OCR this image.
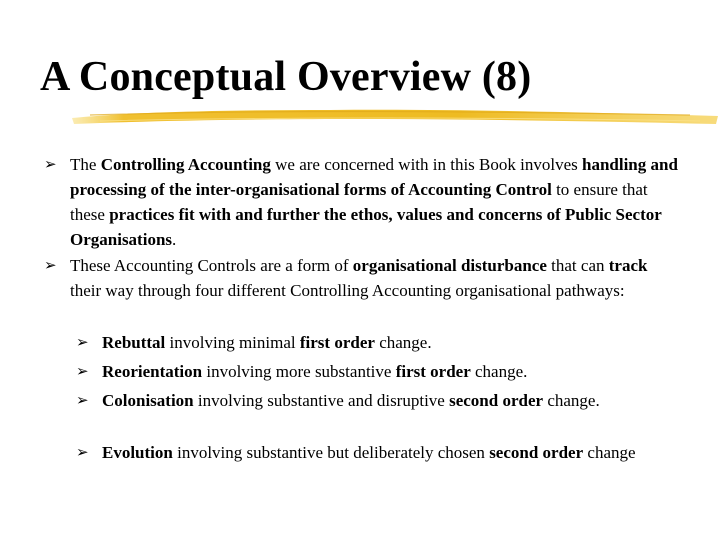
A Conceptual Overview (8)
➢ The Controlling Accounting we are concerned with in this Book involves handling and processing of the inter-organisational forms of Accounting Control to ensure that these practices fit with and further the ethos, values and concerns of Public Sector Organisations.
➢ These Accounting Controls are a form of organisational disturbance that can track their way through four different Controlling Accounting organisational pathways:
➢ Rebuttal involving minimal first order change.
➢ Reorientation involving more substantive first order change.
➢ Colonisation involving substantive and disruptive second order change.
➢ Evolution involving substantive but deliberately chosen second order change
